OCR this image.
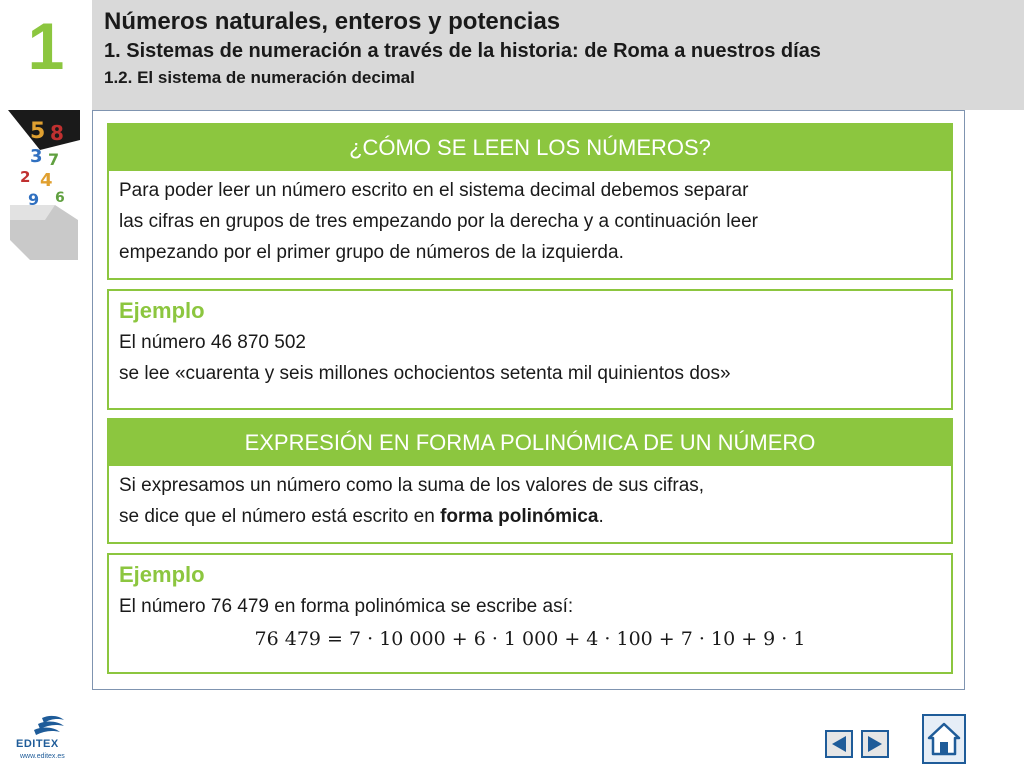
1	Números naturales, enteros y potencias
1. Sistemas de numeración a través de la historia: de Roma a nuestros días
1.2. El sistema de numeración decimal
5 8
3 7
2 4
9 6
¿CÓMO SE LEEN LOS NÚMEROS?
Para poder leer un número escrito en el sistema decimal debemos separar
las cifras en grupos de tres empezando por la derecha y a continuación leer
empezando por el primer grupo de números de la izquierda.
Ejemplo
El número 46 870 502
se lee «cuarenta y seis millones ochocientos setenta mil quinientos dos»
EXPRESIÓN EN FORMA POLINÓMICA DE UN NÚMERO
Si expresamos un número como la suma de los valores de sus cifras,
se dice que el número está escrito en forma polinómica.
Ejemplo
El número 76 479 en forma polinómica se escribe así:
76 479 = 7 · 10 000 + 6 · 1 000 + 4 · 100 + 7 · 10 + 9 · 1
EDITEX
www.editex.es
